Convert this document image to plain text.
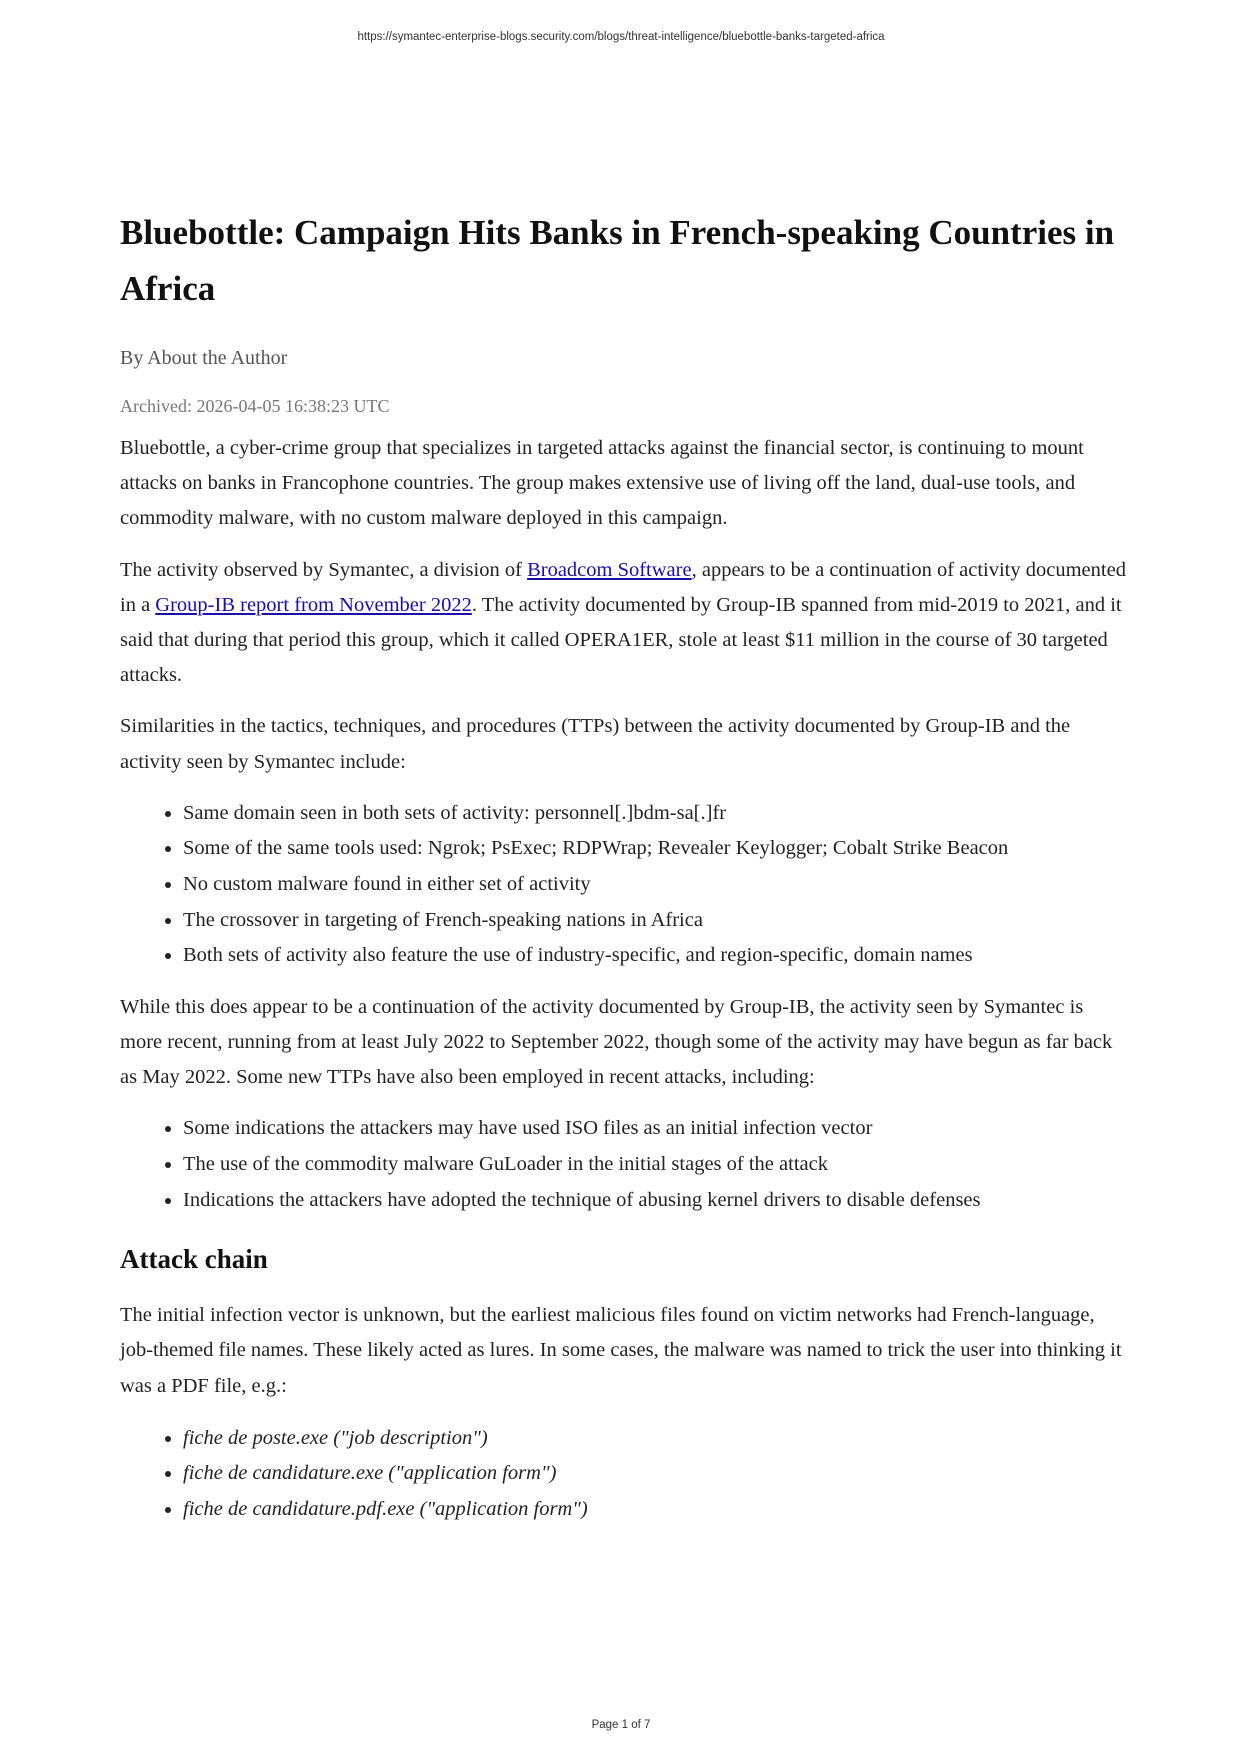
https://symantec-enterprise-blogs.security.com/blogs/threat-intelligence/bluebottle-banks-targeted-africa
Bluebottle: Campaign Hits Banks in French-speaking Countries in Africa
By About the Author
Archived: 2026-04-05 16:38:23 UTC

Bluebottle, a cyber-crime group that specializes in targeted attacks against the financial sector, is continuing to mount attacks on banks in Francophone countries. The group makes extensive use of living off the land, dual-use tools, and commodity malware, with no custom malware deployed in this campaign.

The activity observed by Symantec, a division of Broadcom Software, appears to be a continuation of activity documented in a Group-IB report from November 2022. The activity documented by Group-IB spanned from mid-2019 to 2021, and it said that during that period this group, which it called OPERA1ER, stole at least $11 million in the course of 30 targeted attacks.

Similarities in the tactics, techniques, and procedures (TTPs) between the activity documented by Group-IB and the activity seen by Symantec include:

• Same domain seen in both sets of activity: personnel[.]bdm-sa[.]fr
• Some of the same tools used: Ngrok; PsExec; RDPWrap; Revealer Keylogger; Cobalt Strike Beacon
• No custom malware found in either set of activity
• The crossover in targeting of French-speaking nations in Africa
• Both sets of activity also feature the use of industry-specific, and region-specific, domain names

While this does appear to be a continuation of the activity documented by Group-IB, the activity seen by Symantec is more recent, running from at least July 2022 to September 2022, though some of the activity may have begun as far back as May 2022. Some new TTPs have also been employed in recent attacks, including:

• Some indications the attackers may have used ISO files as an initial infection vector
• The use of the commodity malware GuLoader in the initial stages of the attack
• Indications the attackers have adopted the technique of abusing kernel drivers to disable defenses
Attack chain

The initial infection vector is unknown, but the earliest malicious files found on victim networks had French-language, job-themed file names. These likely acted as lures. In some cases, the malware was named to trick the user into thinking it was a PDF file, e.g.:

• fiche de poste.exe ("job description")
• fiche de candidature.exe ("application form")
• fiche de candidature.pdf.exe ("application form")
Page 1 of 7
